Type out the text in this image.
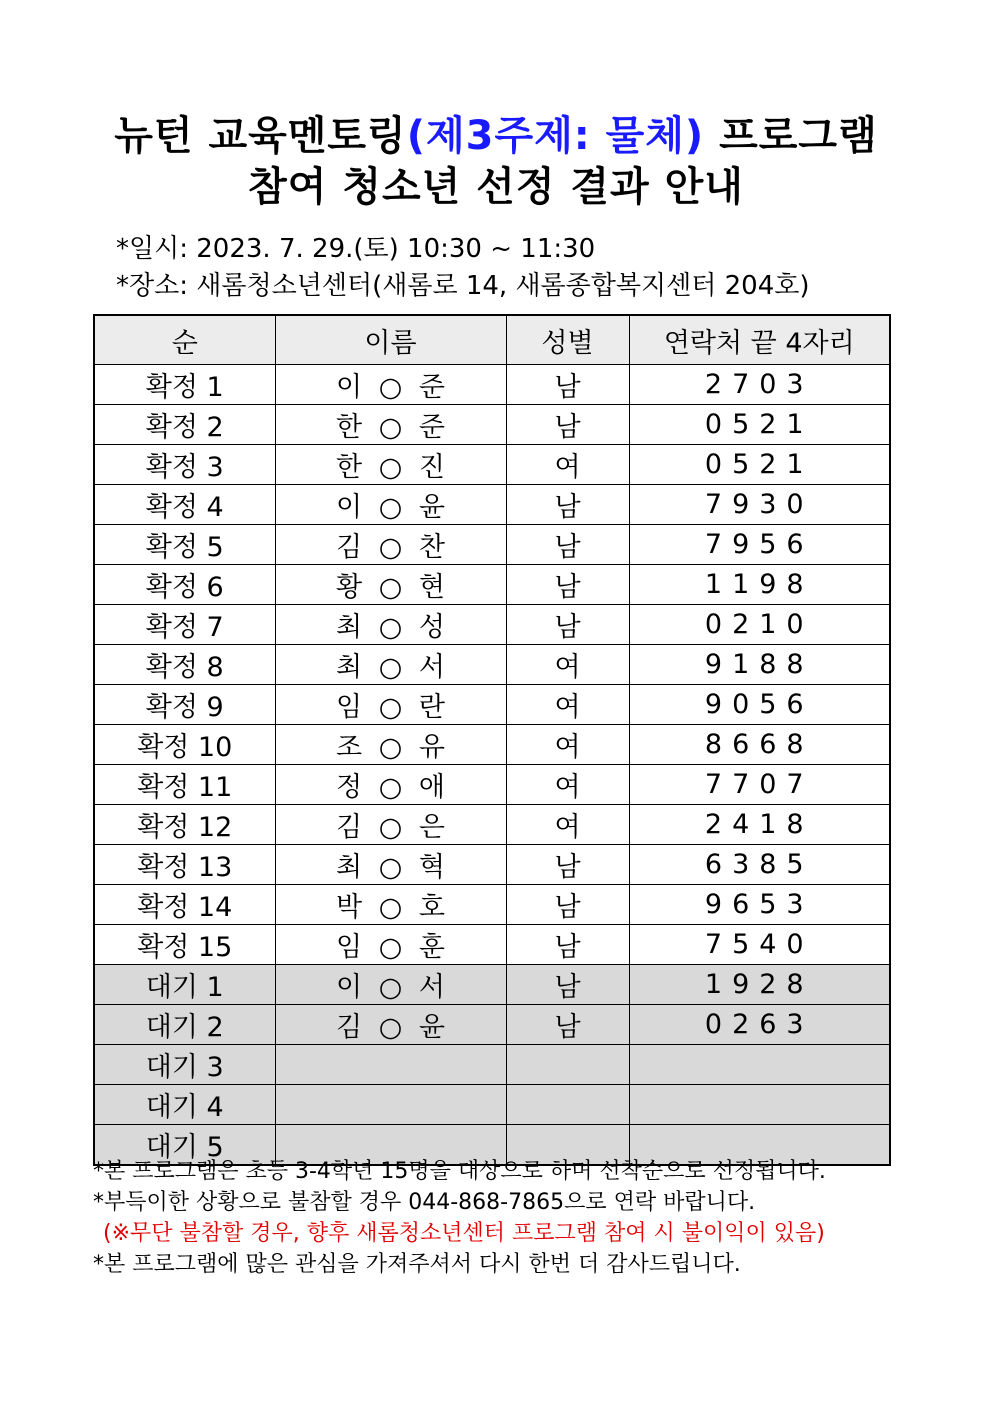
뉴턴 교육멘토링(제3주제: 물체) 프로그램
참여 청소년 선정 결과 안내
*일시: 2023. 7. 29.(토) 10:30 ~ 11:30
*장소: 새롬청소년센터(새롬로 14, 새롬종합복지센터 204호)
순	이름	성별	연락처 끝 4자리
확정 1	이 ○ 준	남	2703
확정 2	한 ○ 준	남	0521
확정 3	한 ○ 진	여	0521
확정 4	이 ○ 윤	남	7930
확정 5	김 ○ 찬	남	7956
확정 6	황 ○ 현	남	1198
확정 7	최 ○ 성	남	0210
확정 8	최 ○ 서	여	9188
확정 9	임 ○ 란	여	9056
확정 10	조 ○ 유	여	8668
확정 11	정 ○ 애	여	7707
확정 12	김 ○ 은	여	2418
확정 13	최 ○ 혁	남	6385
확정 14	박 ○ 호	남	9653
확정 15	임 ○ 훈	남	7540
대기 1	이 ○ 서	남	1928
대기 2	김 ○ 윤	남	0263
대기 3			
대기 4			
대기 5			
*본 프로그램은 초등 3-4학년 15명을 대상으로 하며 선착순으로 선정됩니다.
*부득이한 상황으로 불참할 경우 044-868-7865으로 연락 바랍니다.
(※무단 불참할 경우, 향후 새롬청소년센터 프로그램 참여 시 불이익이 있음)
*본 프로그램에 많은 관심을 가져주셔서 다시 한번 더 감사드립니다.
